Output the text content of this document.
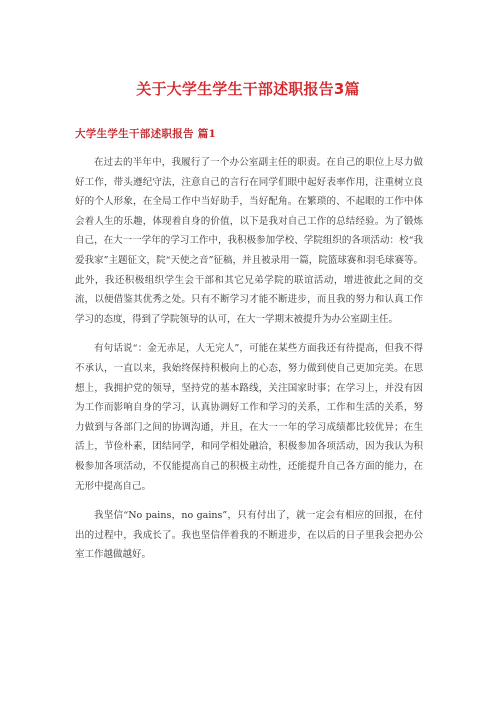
关于大学生学生干部述职报告3篇
大学生学生干部述职报告 篇1

在过去的半年中，我履行了一个办公室副主任的职责。在自己的职位上尽力做好工作，带头遵纪守法，注意自己的言行在同学们眼中起好表率作用，注重树立良好的个人形象，在全局工作中当好助手，当好配角。在繁琐的、不起眼的工作中体会着人生的乐趣，体现着自身的价值，以下是我对自己工作的总结经验。为了锻炼自己，在大一一学年的学习工作中，我积极参加学校、学院组织的各项活动：校“我爱我家”主题征文，院“天使之音”征稿，并且被录用一篇，院篮球赛和羽毛球赛等。此外，我还积极组织学生会干部和其它兄弟学院的联谊活动，增进彼此之间的交流，以便借鉴其优秀之处。只有不断学习才能不断进步，而且我的努力和认真工作学习的态度，得到了学院领导的认可，在大一学期末被提升为办公室副主任。

有句话说“：金无赤足，人无完人”，可能在某些方面我还有待提高，但我不得不承认，一直以来，我始终保持积极向上的心态，努力做到使自己更加完美。在思想上，我拥护党的领导，坚持党的基本路线，关注国家时事；在学习上，并没有因为工作而影响自身的学习，认真协调好工作和学习的关系，工作和生活的关系，努力做到与各部门之间的协调沟通，并且，在大一一年的学习成绩都比较优异；在生活上，节俭朴素，团结同学，和同学相处融洽，积极参加各项活动，因为我认为积极参加各项活动，不仅能提高自己的积极主动性，还能提升自己各方面的能力，在无形中提高自己。

我坚信“No pains，no gains”，只有付出了，就一定会有相应的回报，在付出的过程中，我成长了。我也坚信伴着我的不断进步，在以后的日子里我会把办公室工作越做越好。
